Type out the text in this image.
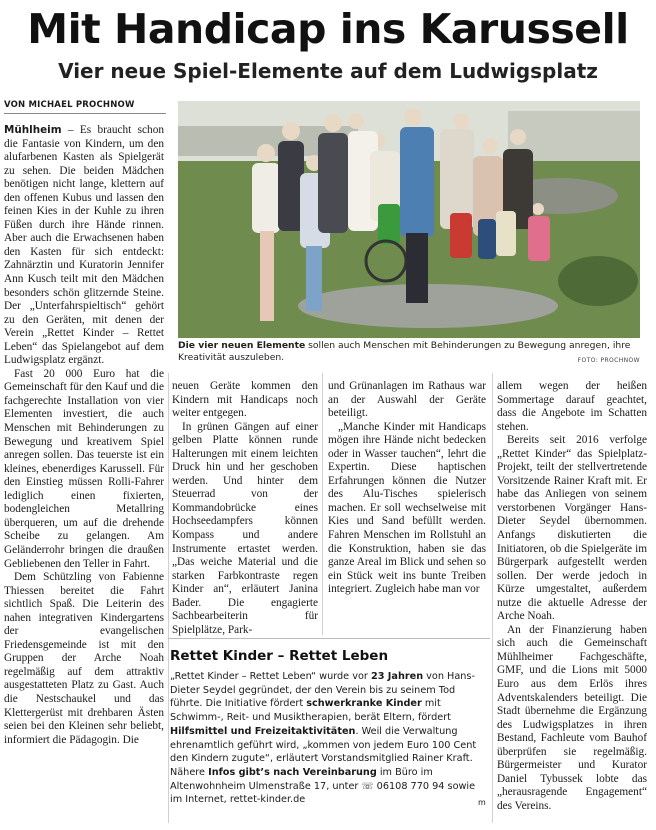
Mit Handicap ins Karussell
Vier neue Spiel-Elemente auf dem Ludwigsplatz
VON MICHAEL PROCHNOW
Die vier neuen Elemente sollen auch Menschen mit Behinderungen zu Bewegung anregen, ihre Kreativität auszuleben.	FOTO: PROCHNOW

Mühlheim – Es braucht schon die Fantasie von Kindern, um den alufarbenen Kasten als Spielgerät zu sehen. Die beiden Mädchen benötigen nicht lange, klettern auf den offenen Kubus und lassen den feinen Kies in der Kuhle zu ihren Füßen durch ihre Hände rinnen. Aber auch die Erwachsenen haben den Kasten für sich entdeckt: Zahnärztin und Kuratorin Jennifer Ann Kusch teilt mit den Mädchen besonders schön glitzernde Steine. Der „Unterfahrspieltisch“ gehört zu den Geräten, mit denen der Verein „Rettet Kinder – Rettet Leben“ das Spielangebot auf dem Ludwigsplatz ergänzt.

Fast 20 000 Euro hat die Gemeinschaft für den Kauf und die fachgerechte Installation von vier Elementen investiert, die auch Menschen mit Behinderungen zu Bewegung und kreativem Spiel anregen sollen. Das teuerste ist ein kleines, ebenerdiges Karussell. Für den Einstieg müssen Rolli-Fahrer lediglich einen fixierten, bodengleichen Metallring überqueren, um auf die drehende Scheibe zu gelangen. Am Geländerrohr bringen die draußen Gebliebenen den Teller in Fahrt.

Dem Schützling von Fabienne Thiessen bereitet die Fahrt sichtlich Spaß. Die Leiterin des nahen integrativen Kindergartens der evangelischen Friedensgemeinde ist mit den Gruppen der Arche Noah regelmäßig auf dem attraktiv ausgestatteten Platz zu Gast. Auch die Nestschaukel und das Klettergerüst mit drehbaren Ästen seien bei den Kleinen sehr beliebt, informiert die Pädagogin. Die

neuen Geräte kommen den Kindern mit Handicaps noch weiter entgegen.

In grünen Gängen auf einer gelben Platte können runde Halterungen mit einem leichten Druck hin und her geschoben werden. Und hinter dem Steuerrad von der Kommandobrücke eines Hochseedampfers können Kompass und andere Instrumente ertastet werden. „Das weiche Material und die starken Farbkontraste regen Kinder an“, erläutert Janina Bader. Die engagierte Sachbearbeiterin für Spielplätze, Park-

und Grünanlagen im Rathaus war an der Auswahl der Geräte beteiligt.

„Manche Kinder mit Handicaps mögen ihre Hände nicht bedecken oder in Wasser tauchen“, lehrt die Expertin. Diese haptischen Erfahrungen können die Nutzer des Alu-Tisches spielerisch machen. Er soll wechselweise mit Kies und Sand befüllt werden. Fahren Menschen im Rollstuhl an die Konstruktion, haben sie das ganze Areal im Blick und sehen so ein Stück weit ins bunte Treiben integriert. Zugleich habe man vor

allem wegen der heißen Sommertage darauf geachtet, dass die Angebote im Schatten stehen.

Bereits seit 2016 verfolge „Rettet Kinder“ das Spielplatz-Projekt, teilt der stellvertretende Vorsitzende Rainer Kraft mit. Er habe das Anliegen von seinem verstorbenen Vorgänger Hans-Dieter Seydel übernommen. Anfangs diskutierten die Initiatoren, ob die Spielgeräte im Bürgerpark aufgestellt werden sollen. Der werde jedoch in Kürze umgestaltet, außerdem nutze die aktuelle Adresse der Arche Noah.

An der Finanzierung haben sich auch die Gemeinschaft Mühlheimer Fachgeschäfte, GMF, und die Lions mit 5000 Euro aus dem Erlös ihres Adventskalenders beteiligt. Die Stadt übernehme die Ergänzung des Ludwigsplatzes in ihren Bestand, Fachleute vom Bauhof überprüfen sie regelmäßig. Bürgermeister und Kurator Daniel Tybussek lobte das „herausragende Engagement“ des Vereins.

Rettet Kinder – Rettet Leben
„Rettet Kinder – Rettet Leben“ wurde vor 23 Jahren von Hans-Dieter Seydel gegründet, der den Verein bis zu seinem Tod führte. Die Initiative fördert schwerkranke Kinder mit Schwimm-, Reit- und Musiktherapien, berät Eltern, fördert Hilfsmittel und Freizeitaktivitäten. Weil die Verwaltung ehrenamtlich geführt wird, „kommen von jedem Euro 100 Cent den Kindern zugute“, erläutert Vorstandsmitglied Rainer Kraft. Nähere Infos gibt’s nach Vereinbarung im Büro im Altenwohnheim Ulmenstraße 17, unter ☏ 06108 770 94 sowie im Internet, rettet-kinder.de	m
